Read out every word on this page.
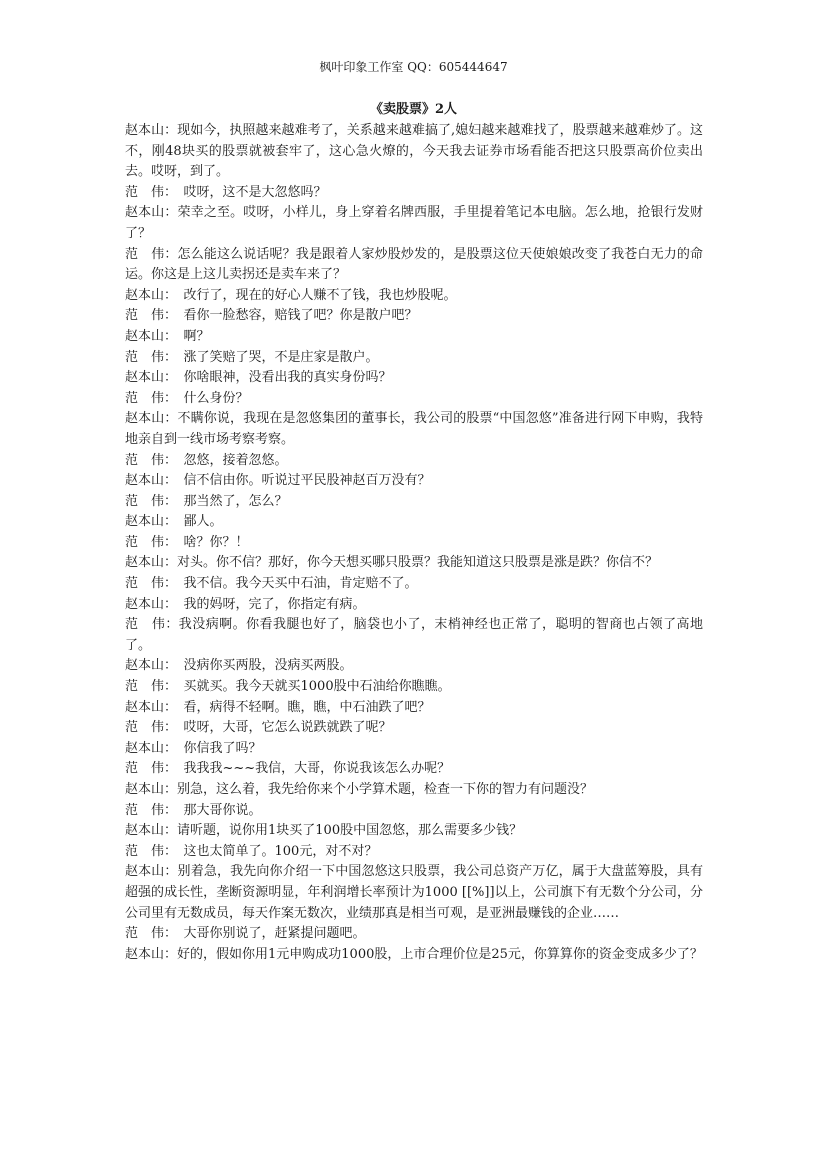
枫叶印象工作室 QQ：605444647
《卖股票》2人

赵本山：现如今，执照越来越难考了，关系越来越难搞了,媳妇越来越难找了，股票越来越难炒了。这不，刚48块买的股票就被套牢了，这心急火燎的，今天我去证券市场看能否把这只股票高价位卖出去。哎呀，到了。

范　伟：　哎呀，这不是大忽悠吗？

赵本山：荣幸之至。哎呀，小样儿，身上穿着名牌西服，手里提着笔记本电脑。怎么地，抢银行发财了？

范　伟：怎么能这么说话呢？我是跟着人家炒股炒发的，是股票这位天使娘娘改变了我苍白无力的命运。你这是上这儿卖拐还是卖车来了？

赵本山：　改行了，现在的好心人赚不了钱，我也炒股呢。

范　伟：　看你一脸愁容，赔钱了吧？你是散户吧？

赵本山：　啊？

范　伟：　涨了笑赔了哭，不是庄家是散户。

赵本山：　你啥眼神，没看出我的真实身份吗？

范　伟：　什么身份？

赵本山：不瞒你说，我现在是忽悠集团的董事长，我公司的股票“中国忽悠”准备进行网下申购，我特地亲自到一线市场考察考察。

范　伟：　忽悠，接着忽悠。

赵本山：　信不信由你。听说过平民股神赵百万没有？

范　伟：　那当然了，怎么？

赵本山：　鄙人。

范　伟：　啥？你？！

赵本山：对头。你不信？那好，你今天想买哪只股票？我能知道这只股票是涨是跌？你信不？

范　伟：　我不信。我今天买中石油，肯定赔不了。

赵本山：　我的妈呀，完了，你指定有病。

范　伟：我没病啊。你看我腿也好了，脑袋也小了，末梢神经也正常了，聪明的智商也占领了高地了。

赵本山：　没病你买两股，没病买两股。

范　伟：　买就买。我今天就买1000股中石油给你瞧瞧。

赵本山：　看，病得不轻啊。瞧，瞧，中石油跌了吧？

范　伟：　哎呀，大哥，它怎么说跌就跌了呢？

赵本山：　你信我了吗？

范　伟：　我我我~~~我信，大哥，你说我该怎么办呢？

赵本山：别急，这么着，我先给你来个小学算术题，检查一下你的智力有问题没？

范　伟：　那大哥你说。

赵本山：请听题，说你用1块买了100股中国忽悠，那么需要多少钱？

范　伟：　这也太简单了。100元，对不对？

赵本山：别着急，我先向你介绍一下中国忽悠这只股票，我公司总资产万亿，属于大盘蓝筹股，具有超强的成长性，垄断资源明显，年利润增长率预计为1000 [[%]]以上，公司旗下有无数个分公司，分公司里有无数成员，每天作案无数次，业绩那真是相当可观，是亚洲最赚钱的企业……

范　伟：　大哥你别说了，赶紧提问题吧。

赵本山：好的，假如你用1元申购成功1000股，上市合理价位是25元，你算算你的资金变成多少了？
